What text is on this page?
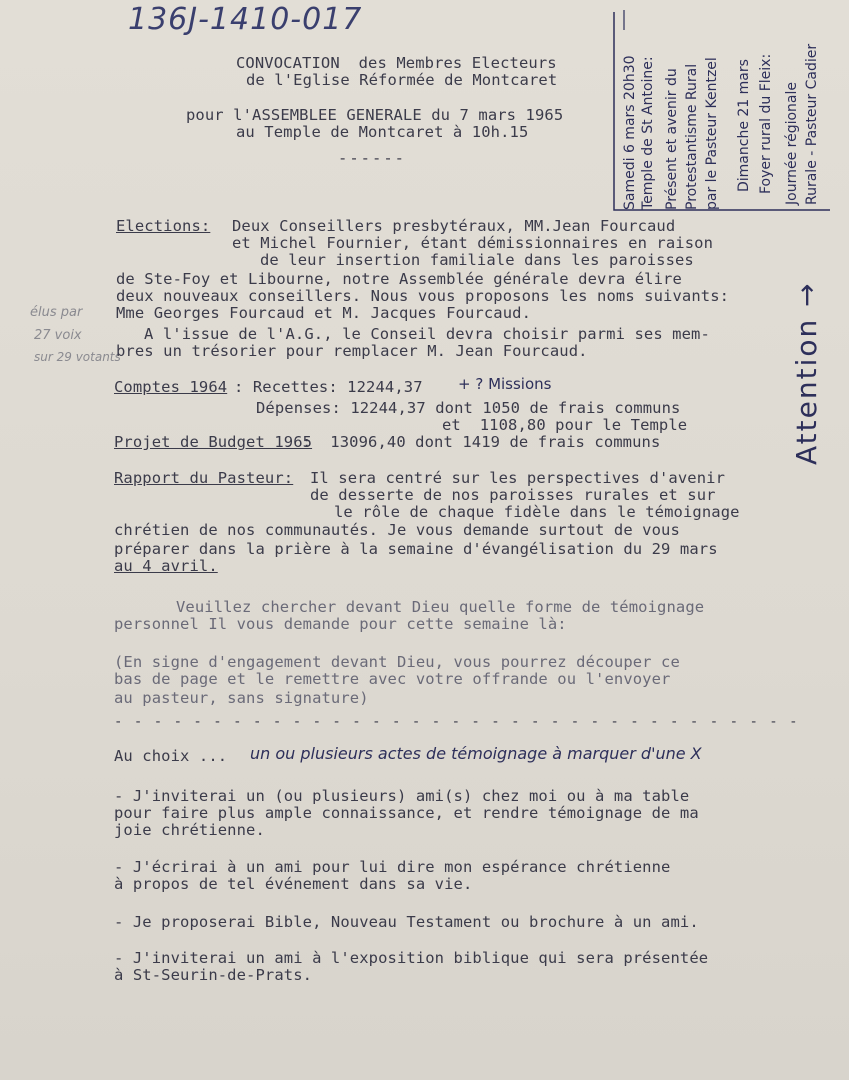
136J-1410-017
CONVOCATION  des Membres Electeurs
de l'Eglise Réformée de Montcaret
pour l'ASSEMBLEE GENERALE du 7 mars 1965
au Temple de Montcaret à 10h.15
------	Samedi 6 mars 20h30 Temple de St Antoine: Présent et avenir du Protestantisme Rural par le Pasteur Kentzel Dimanche 21 mars Foyer rural du Fleix: Journée régionale Rurale - Pasteur Cadier
Attention →
élus par
27 voix
sur 29 votants
Elections: Deux Conseillers presbytéraux, MM.Jean Fourcaud
et Michel Fournier, étant démissionnaires en raison
de leur insertion familiale dans les paroisses
de Ste-Foy et Libourne, notre Assemblée générale devra élire
deux nouveaux conseillers. Nous vous proposons les noms suivants:
Mme Georges Fourcaud et M. Jacques Fourcaud.
A l'issue de l'A.G., le Conseil devra choisir parmi ses mem-
bres un trésorier pour remplacer M. Jean Fourcaud.
Comptes 1964 : Recettes: 12244,37 + ? Missions
Dépenses: 12244,37 dont 1050 de frais communs
et  1108,80 pour le Temple
Projet de Budget 1965
:  13096,40 dont 1419 de frais communs
Rapport du Pasteur: Il sera centré sur les perspectives d'avenir
de desserte de nos paroisses rurales et sur
le rôle de chaque fidèle dans le témoignage
chrétien de nos communautés. Je vous demande surtout de vous
préparer dans la prière à la semaine d'évangélisation du 29 mars
au 4 avril.
Veuillez chercher devant Dieu quelle forme de témoignage
personnel Il vous demande pour cette semaine là:
(En signe d'engagement devant Dieu, vous pourrez découper ce
bas de page et le remettre avec votre offrande ou l'envoyer
au pasteur, sans signature)
- - - - - - - - - - - - - - - - - - - - - - - - - - - - - - - - - - -
Au choix ... un ou plusieurs actes de témoignage à marquer d'une X
- J'inviterai un (ou plusieurs) ami(s) chez moi ou à ma table
pour faire plus ample connaissance, et rendre témoignage de ma
joie chrétienne.
- J'écrirai à un ami pour lui dire mon espérance chrétienne
à propos de tel événement dans sa vie.
- Je proposerai Bible, Nouveau Testament ou brochure à un ami.
- J'inviterai un ami à l'exposition biblique qui sera présentée
à St-Seurin-de-Prats.
